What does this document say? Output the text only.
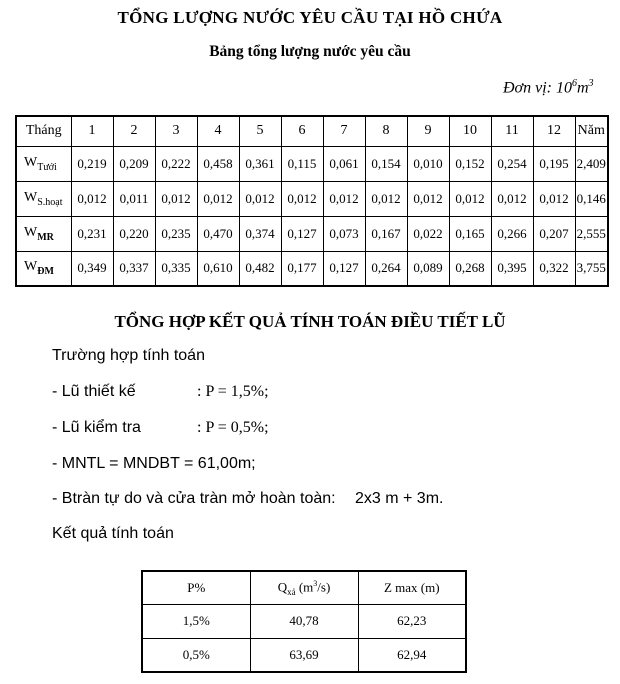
TỔNG LƯỢNG NƯỚC YÊU CẦU TẠI HỒ CHỨA
Bảng tổng lượng nước yêu cầu
Đơn vị: $10^6m^3$
Tháng	1	2	3	4	5	6	7	8	9	10	11	12	Năm
$W_{Tưới}$	0,219	0,209	0,222	0,458	0,361	0,115	0,061	0,154	0,010	0,152	0,254	0,195	2,409
$W_{S.hoạt}$	0,012	0,011	0,012	0,012	0,012	0,012	0,012	0,012	0,012	0,012	0,012	0,012	0,146
$W_{MR}$	0,231	0,220	0,235	0,470	0,374	0,127	0,073	0,167	0,022	0,165	0,266	0,207	2,555
$W_{ĐM}$	0,349	0,337	0,335	0,610	0,482	0,177	0,127	0,264	0,089	0,268	0,395	0,322	3,755
TỔNG HỢP KẾT QUẢ TÍNH TOÁN ĐIỀU TIẾT LŨ
Trường hợp tính toán
- Lũ thiết kế	: P = 1,5%;
- Lũ kiểm tra	: P = 0,5%;
- MNTL = MNDBT = 61,00m;
- Btràn tự do và cửa tràn mở hoàn toàn: 2x3 m + 3m.
Kết quả tính toán
P%	$Q_{xả}$ $(m^3/s)$	Z max (m)
1,5%	40,78	62,23
0,5%	63,69	62,94
